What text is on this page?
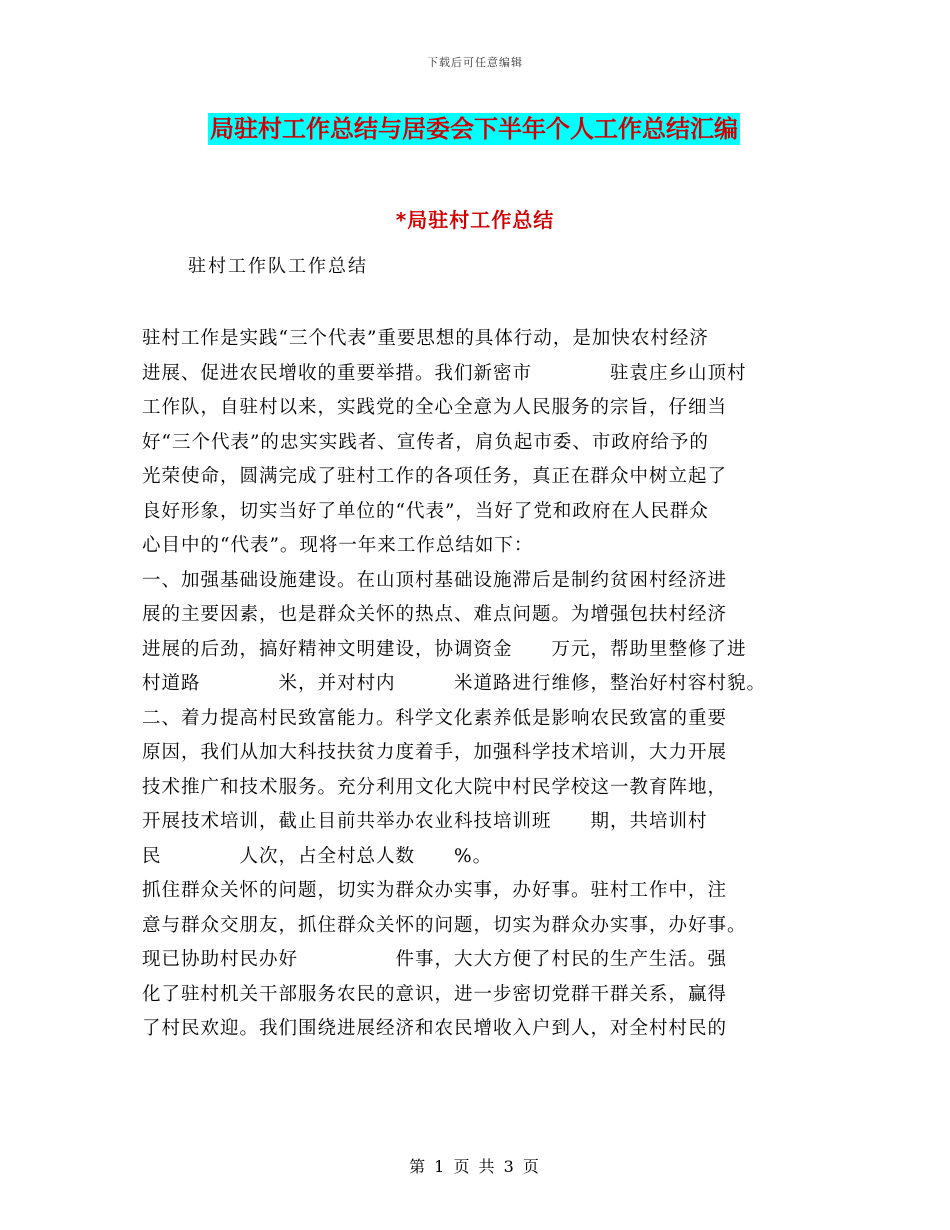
下载后可任意编辑
局驻村工作总结与居委会下半年个人工作总结汇编
*局驻村工作总结
驻村工作队工作总结
驻村工作是实践“三个代表”重要思想的具体行动，是加快农村经济
进展、促进农民增收的重要举措。我们新密市　　　　驻袁庄乡山顶村
工作队，自驻村以来，实践党的全心全意为人民服务的宗旨，仔细当
好“三个代表”的忠实实践者、宣传者，肩负起市委、市政府给予的
光荣使命，圆满完成了驻村工作的各项任务，真正在群众中树立起了
良好形象，切实当好了单位的“代表”，当好了党和政府在人民群众
心目中的“代表”。现将一年来工作总结如下：
一、加强基础设施建设。在山顶村基础设施滞后是制约贫困村经济进
展的主要因素，也是群众关怀的热点、难点问题。为增强包扶村经济
进展的后劲，搞好精神文明建设，协调资金　　万元，帮助里整修了进
村道路　　　　米，并对村内　　　米道路进行维修，整治好村容村貌。
二、着力提高村民致富能力。科学文化素养低是影响农民致富的重要
原因，我们从加大科技扶贫力度着手，加强科学技术培训，大力开展
技术推广和技术服务。充分利用文化大院中村民学校这一教育阵地，
开展技术培训，截止目前共举办农业科技培训班　　期，共培训村
民　　　　人次，占全村总人数　　%。
抓住群众关怀的问题，切实为群众办实事，办好事。驻村工作中，注
意与群众交朋友，抓住群众关怀的问题，切实为群众办实事，办好事。
现已协助村民办好　　　　　件事，大大方便了村民的生产生活。强
化了驻村机关干部服务农民的意识，进一步密切党群干群关系，赢得
了村民欢迎。我们围绕进展经济和农民增收入户到人，对全村村民的
第 1 页 共 3 页
